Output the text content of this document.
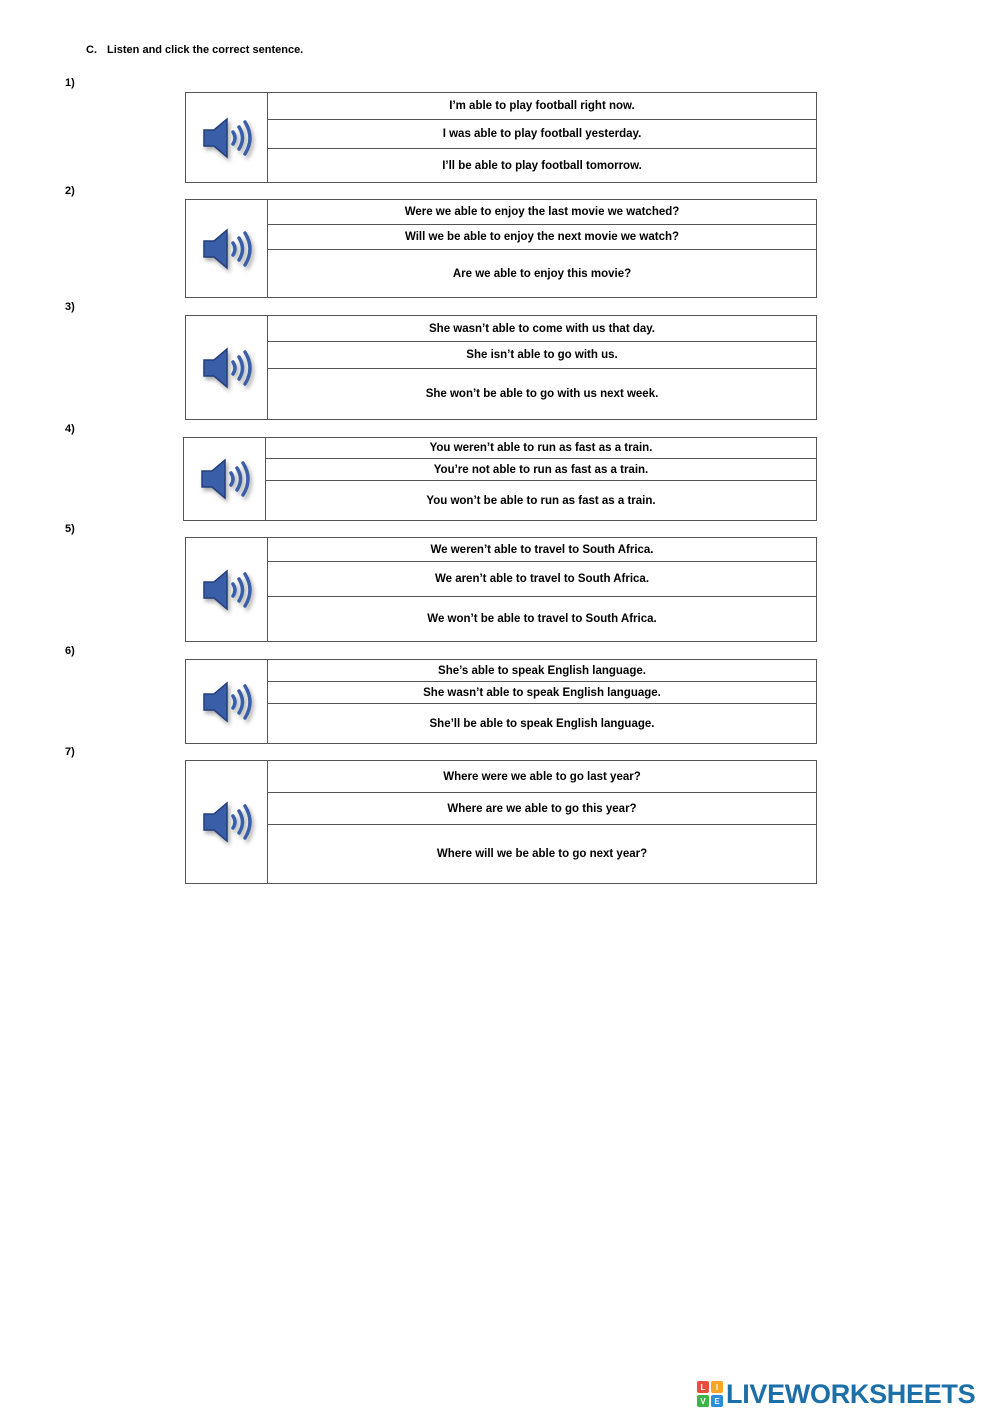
C. Listen and click the correct sentence.
1)
I’m able to play football right now.
I was able to play football yesterday.
I’ll be able to play football tomorrow.
2)
Were we able to enjoy the last movie we watched?
Will we be able to enjoy the next movie we watch?
Are we able to enjoy this movie?
3)
She wasn’t able to come with us that day.
She isn’t able to go with us.
She won’t be able to go with us next week.
4)
You weren’t able to run as fast as a train.
You’re not able to run as fast as a train.
You won’t be able to run as fast as a train.
5)
We weren’t able to travel to South Africa.
We aren’t able to travel to South Africa.
We won’t be able to travel to South Africa.
6)
She’s able to speak English language.
She wasn’t able to speak English language.
She’ll be able to speak English language.
7)
Where were we able to go last year?
Where are we able to go this year?
Where will we be able to go next year?
L	I
V	E LIVEWORKSHEETS
